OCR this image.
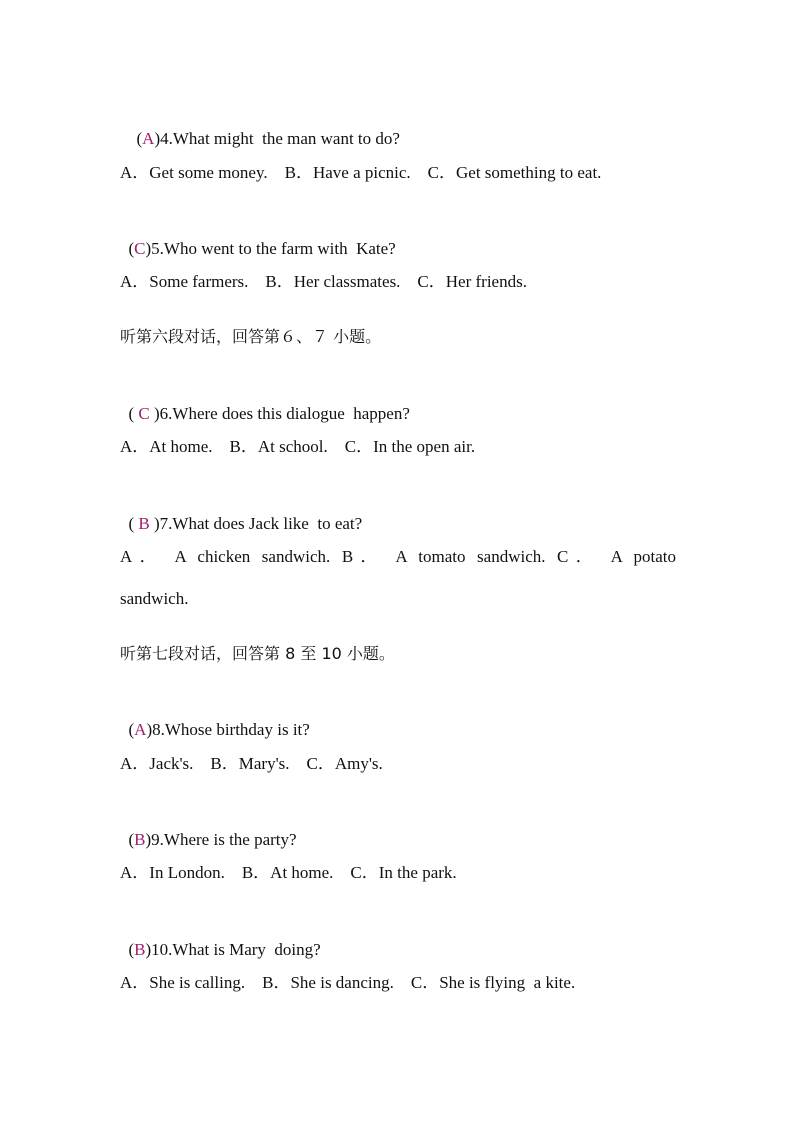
(A)4.What might  the man want to do?

A．Get some money.    B．Have a picnic.    C．Get something to eat.

(C)5.Who went to the farm with  Kate?

A．Some farmers.    B．Her classmates.    C．Her friends.
听第六段对话，回答第６、７ 小题。

( C )6.Where does this dialogue  happen?

A．At home.    B．At school.    C．In the open air.

( B )7.What does Jack like  to eat?

A． A chicken sandwich. B． A tomato sandwich. C． A potato
sandwich.
听第七段对话，回答第 8 至 10 小题。

(A)8.Whose birthday is it?

A．Jack's.    B．Mary's.    C．Amy's.

(B)9.Where is the party?

A．In London.    B．At home.    C．In the park.

(B)10.What is Mary  doing?

A．She is calling.    B．She is dancing.    C．She is flying  a kite.
